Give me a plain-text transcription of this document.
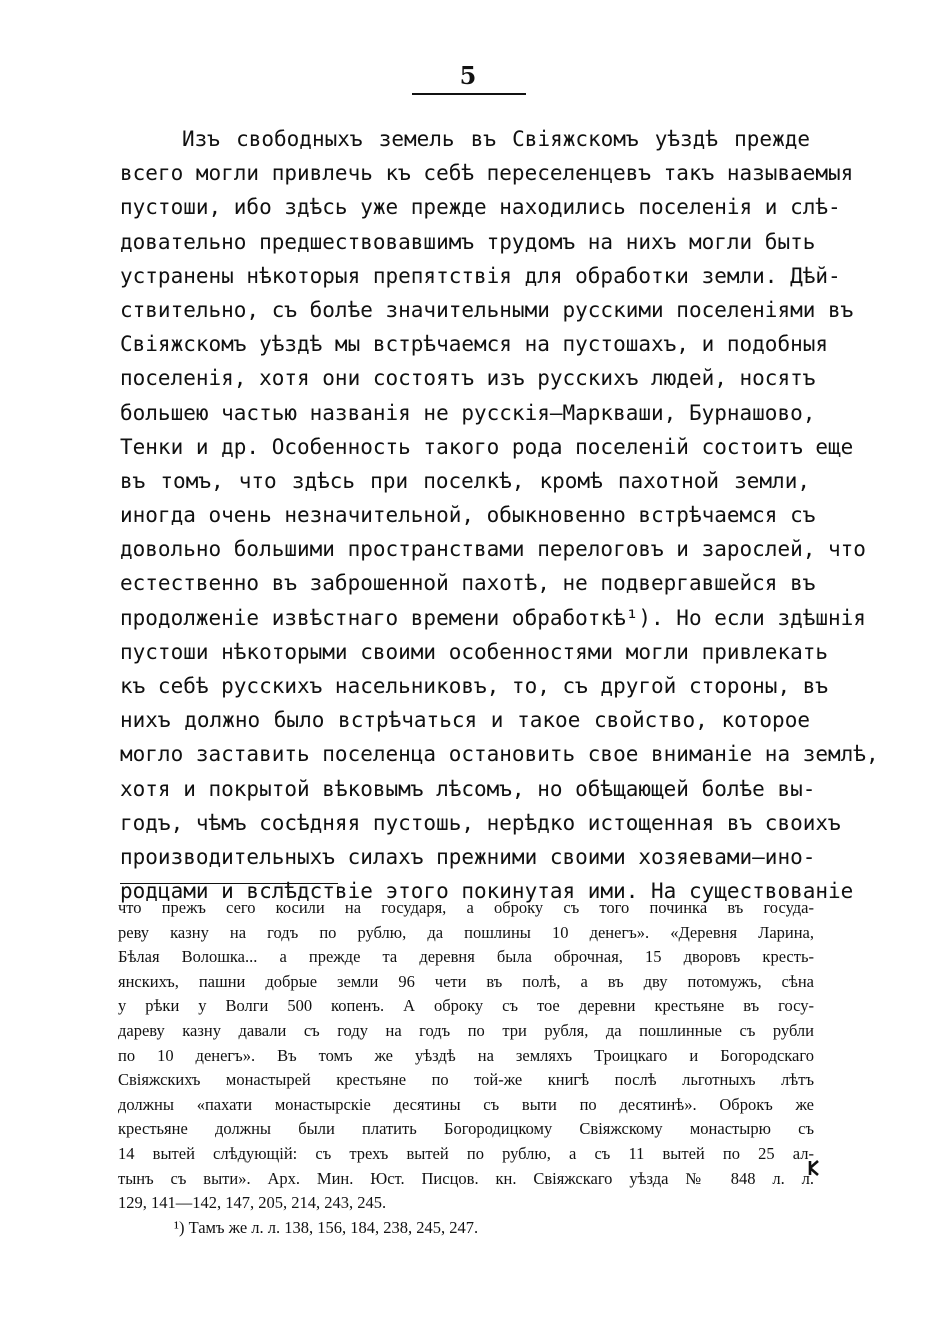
5
Изъ свободныхъ земель въ Свіяжскомъ уѣздѣ прежде
всего могли привлечь къ себѣ переселенцевъ такъ называемыя
пустоши, ибо здѣсь уже прежде находились поселенія и слѣ-
довательно предшествовавшимъ трудомъ на нихъ могли быть
устранены нѣкоторыя препятствія для обработки земли. Дѣй-
ствительно, съ болѣе значительными русскими поселеніями въ
Свіяжскомъ уѣздѣ мы встрѣчаемся на пустошахъ, и подобныя
поселенія, хотя они состоятъ изъ русскихъ людей, носятъ
большею частью названія не русскія—Маркваши, Бурнашово,
Тенки и др. Особенность такого рода поселеній состоитъ еще
въ томъ, что здѣсь при поселкѣ, кромѣ пахотной земли,
иногда очень незначительной, обыкновенно встрѣчаемся съ
довольно большими пространствами перелоговъ и зарослей, что
естественно въ заброшенной пахотѣ, не подвергавшейся въ
продолженіе извѣстнаго времени обработкѣ¹). Но если здѣшнія
пустоши нѣкоторыми своими особенностями могли привлекать
къ себѣ русскихъ насельниковъ, то, съ другой стороны, въ
нихъ должно было встрѣчаться и такое свойство, которое
могло заставить поселенца остановить свое вниманіе на землѣ,
хотя и покрытой вѣковымъ лѣсомъ, но обѣщающей болѣе вы-
годъ, чѣмъ сосѣдняя пустошь, нерѣдко истощенная въ своихъ
производительныхъ силахъ прежними своими хозяевами—ино-
родцами и вслѣдствіе этого покинутая ими. На существованіе
что прежъ сего косили на государя, а оброку съ того починка въ госуда-
реву казну на годъ по рублю, да пошлины 10 денегъ». «Деревня Ларина,
Бѣлая Волошка... а прежде та деревня была оброчная, 15 дворовъ кресть-
янскихъ, пашни добрые земли 96 чети въ полѣ, а въ дву потомужъ, сѣна
у рѣки у Волги 500 копенъ. А оброку съ тое деревни крестьяне въ госу-
дареву казну давали съ году на годъ по три рубля, да пошлинные съ рубли
по 10 денегъ». Въ томъ же уѣздѣ на земляхъ Троицкаго и Богородскаго
Свіяжскихъ монастырей крестьяне по той-же книгѣ послѣ льготныхъ лѣтъ
должны «пахати монастырскіе десятины съ выти по десятинѣ». Оброкъ же
крестьяне должны были платить Богородицкому Свіяжскому монастырю съ
14 вытей слѣдующій: съ трехъ вытей по рублю, а съ 11 вытей по 25 ал-
тынъ съ выти». Арх. Мин. Юст. Писцов. кн. Свіяжскаго уѣзда № 848 л. л.
129, 141—142, 147, 205, 214, 243, 245.
¹) Тамъ же л. л. 138, 156, 184, 238, 245, 247.
